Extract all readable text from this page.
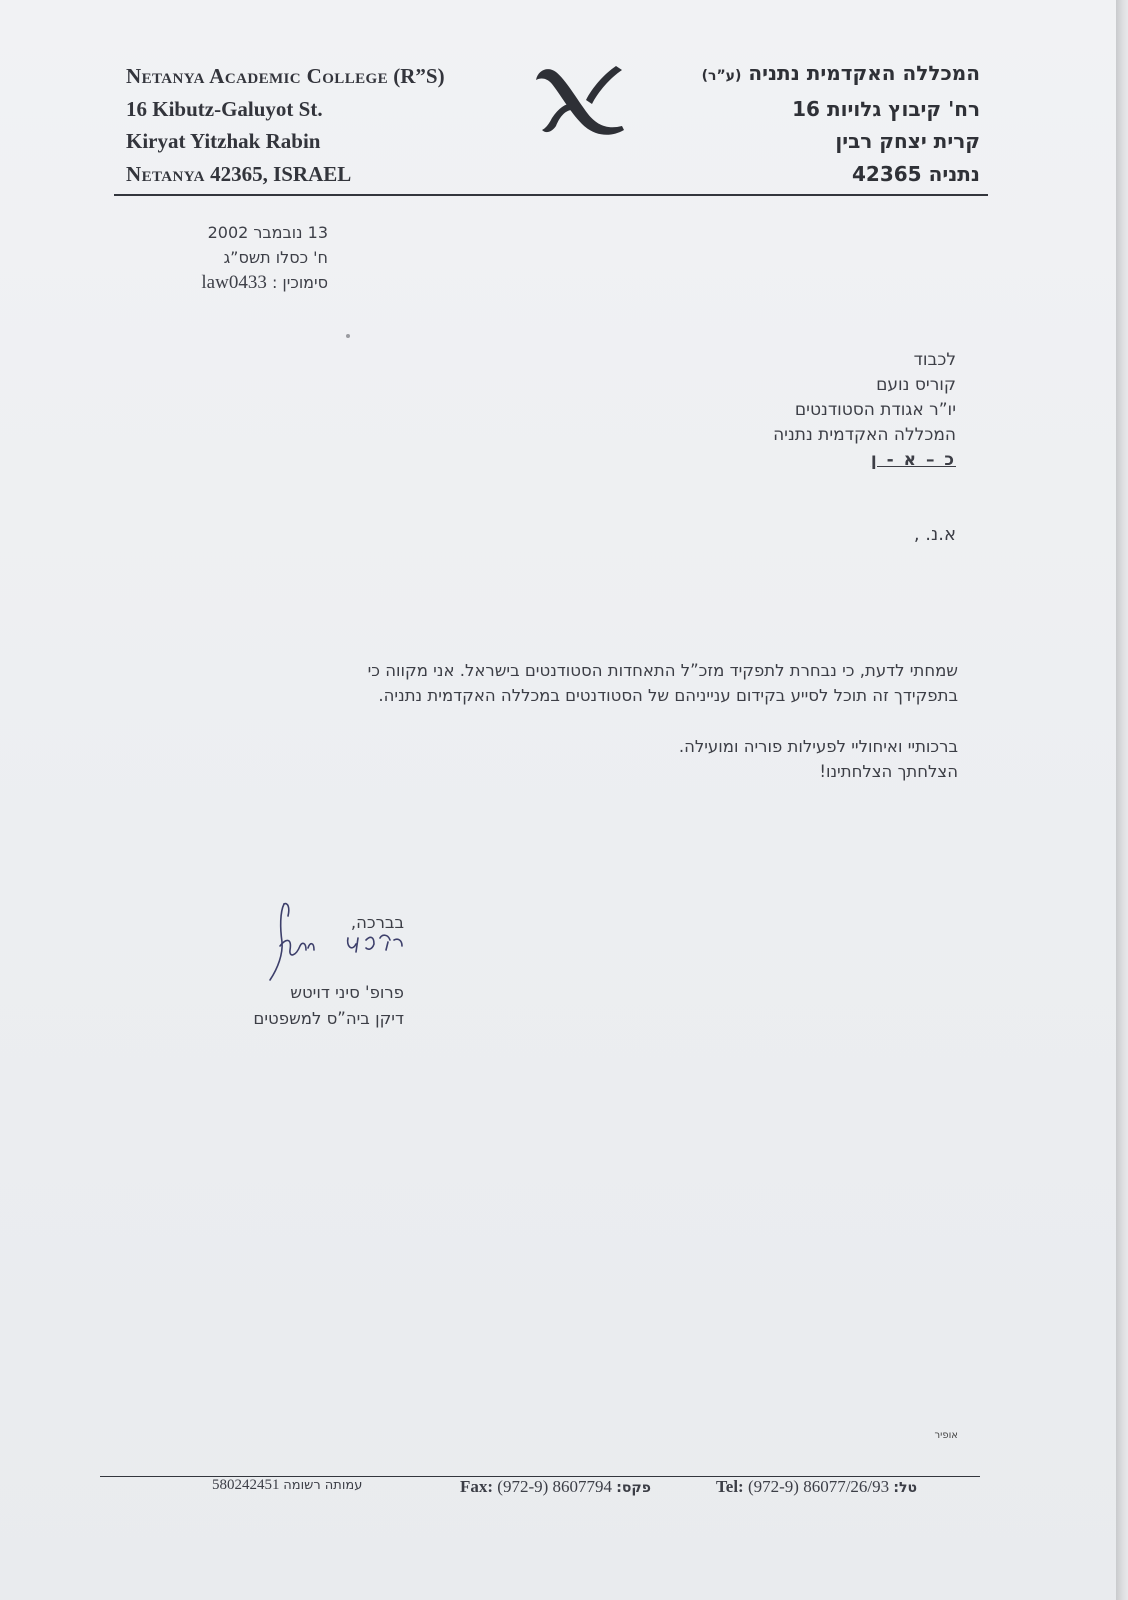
Netanya Academic College (R”S)
16 Kibutz-Galuyot St.
Kiryat Yitzhak Rabin
Netanya 42365, ISRAEL
המכללה האקדמית נתניה (ע”ר)
רח' קיבוץ גלויות 16
קרית יצחק רבין
נתניה 42365
13 נובמבר 2002
ח' כסלו תשס”ג
סימוכין : law0433
לכבוד
קוריס נועם
יו”ר אגודת הסטודנטים
המכללה האקדמית נתניה
כ – א - ן
א.נ. ,

שמחתי לדעת, כי נבחרת לתפקיד מזכ”ל התאחדות הסטודנטים בישראל. אני מקווה כי

בתפקידך זה תוכל לסייע בקידום ענייניהם של הסטודנטים במכללה האקדמית נתניה.

ברכותיי ואיחוליי לפעילות פוריה ומועילה.
הצלחתך הצלחתינו!
בברכה,
פרופ' סיני דויטש
דיקן ביה”ס למשפטים
אופיר
עמותה רשומה 580242451	Fax: (972-9) 8607794 פקס:	Tel: (972-9) 86077/26/93 טל:
